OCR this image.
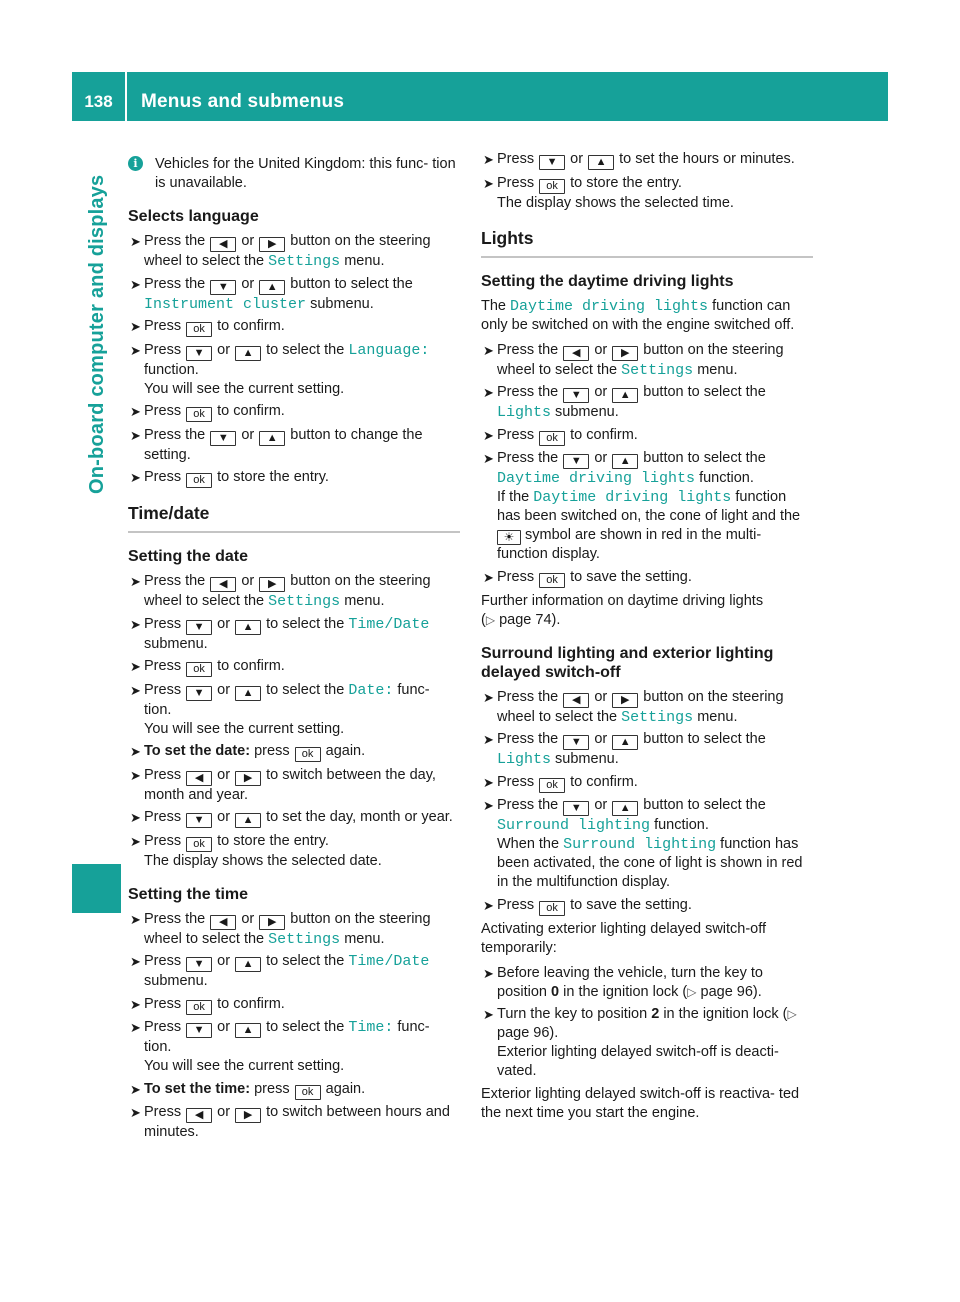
138	Menus and submenus
On-board computer and displays
i	Vehicles for the United Kingdom: this func- tion is unavailable.
Selects language
➤ Press the ◀ or ▶ button on the steering wheel to select the Settings menu.
➤ Press the ▼ or ▲ button to select the Instrument cluster submenu.
➤ Press ok to confirm.
➤ Press ▼ or ▲ to select the Language: function.
You will see the current setting.
➤ Press ok to confirm.
➤ Press the ▼ or ▲ button to change the setting.
➤ Press ok to store the entry.
Time/date
Setting the date
➤ Press the ◀ or ▶ button on the steering wheel to select the Settings menu.
➤ Press ▼ or ▲ to select the Time/Date submenu.
➤ Press ok to confirm.
➤ Press ▼ or ▲ to select the Date: func- tion.
You will see the current setting.
➤ To set the date: press ok again.
➤ Press ◀ or ▶ to switch between the day, month and year.
➤ Press ▼ or ▲ to set the day, month or year.
➤ Press ok to store the entry.
The display shows the selected date.
Setting the time
➤ Press the ◀ or ▶ button on the steering wheel to select the Settings menu.
➤ Press ▼ or ▲ to select the Time/Date submenu.
➤ Press ok to confirm.
➤ Press ▼ or ▲ to select the Time: func- tion.
You will see the current setting.
➤ To set the time: press ok again.
➤ Press ◀ or ▶ to switch between hours and minutes.
➤ Press ▼ or ▲ to set the hours or minutes.
➤ Press ok to store the entry.
The display shows the selected time.
Lights
Setting the daytime driving lights
The Daytime driving lights function can only be switched on with the engine switched off.
➤ Press the ◀ or ▶ button on the steering wheel to select the Settings menu.
➤ Press the ▼ or ▲ button to select the Lights submenu.
➤ Press ok to confirm.
➤ Press the ▼ or ▲ button to select the Daytime driving lights function.
If the Daytime driving lights function has been switched on, the cone of light and the ☀ symbol are shown in red in the multi- function display.
➤ Press ok to save the setting.
Further information on daytime driving lights
(▷ page 74).
Surround lighting and exterior lighting delayed switch-off
➤ Press the ◀ or ▶ button on the steering wheel to select the Settings menu.
➤ Press the ▼ or ▲ button to select the Lights submenu.
➤ Press ok to confirm.
➤ Press the ▼ or ▲ button to select the Surround lighting function.
When the Surround lighting function has been activated, the cone of light is shown in red in the multifunction display.
➤ Press ok to save the setting.
Activating exterior lighting delayed switch-off temporarily:
➤ Before leaving the vehicle, turn the key to position 0 in the ignition lock (▷ page 96).
➤ Turn the key to position 2 in the ignition lock (▷ page 96).
Exterior lighting delayed switch-off is deacti- vated.
Exterior lighting delayed switch-off is reactiva- ted the next time you start the engine.
